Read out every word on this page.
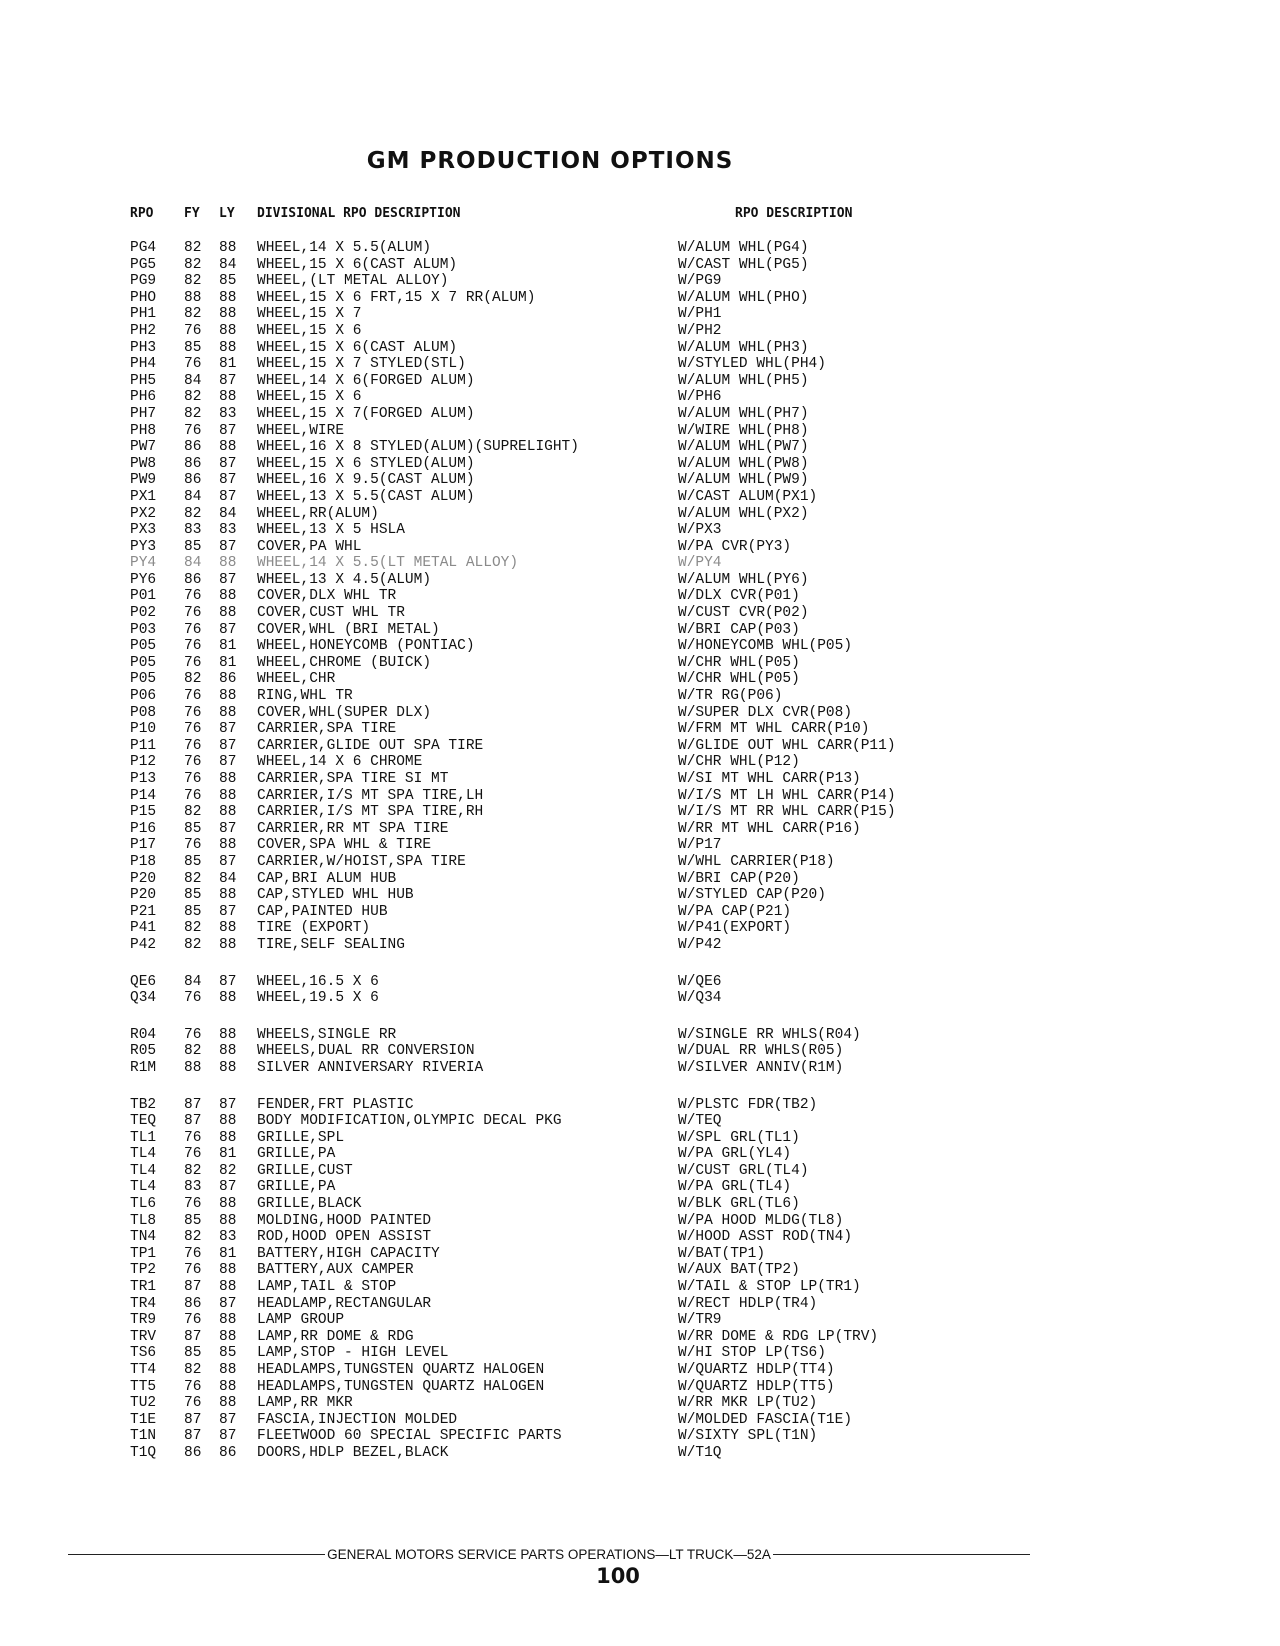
GM PRODUCTION OPTIONS
RPO FY LY DIVISIONAL RPO DESCRIPTION	RPO DESCRIPTION
PG4 82 88 WHEEL,14 X 5.5(ALUM)	W/ALUM WHL(PG4)
PG5 82 84 WHEEL,15 X 6(CAST ALUM)	W/CAST WHL(PG5)
PG9 82 85 WHEEL,(LT METAL ALLOY)	W/PG9
PHO 88 88 WHEEL,15 X 6 FRT,15 X 7 RR(ALUM)	W/ALUM WHL(PHO)
PH1 82 88 WHEEL,15 X 7	W/PH1
PH2 76 88 WHEEL,15 X 6	W/PH2
PH3 85 88 WHEEL,15 X 6(CAST ALUM)	W/ALUM WHL(PH3)
PH4 76 81 WHEEL,15 X 7 STYLED(STL)	W/STYLED WHL(PH4)
PH5 84 87 WHEEL,14 X 6(FORGED ALUM)	W/ALUM WHL(PH5)
PH6 82 88 WHEEL,15 X 6	W/PH6
PH7 82 83 WHEEL,15 X 7(FORGED ALUM)	W/ALUM WHL(PH7)
PH8 76 87 WHEEL,WIRE	W/WIRE WHL(PH8)
PW7 86 88 WHEEL,16 X 8 STYLED(ALUM)(SUPRELIGHT)	W/ALUM WHL(PW7)
PW8 86 87 WHEEL,15 X 6 STYLED(ALUM)	W/ALUM WHL(PW8)
PW9 86 87 WHEEL,16 X 9.5(CAST ALUM)	W/ALUM WHL(PW9)
PX1 84 87 WHEEL,13 X 5.5(CAST ALUM)	W/CAST ALUM(PX1)
PX2 82 84 WHEEL,RR(ALUM)	W/ALUM WHL(PX2)
PX3 83 83 WHEEL,13 X 5 HSLA	W/PX3
PY3 85 87 COVER,PA WHL	W/PA CVR(PY3)
PY4 84 88 WHEEL,14 X 5.5(LT METAL ALLOY)	W/PY4
PY6 86 87 WHEEL,13 X 4.5(ALUM)	W/ALUM WHL(PY6)
P01 76 88 COVER,DLX WHL TR	W/DLX CVR(P01)
P02 76 88 COVER,CUST WHL TR	W/CUST CVR(P02)
P03 76 87 COVER,WHL (BRI METAL)	W/BRI CAP(P03)
P05 76 81 WHEEL,HONEYCOMB (PONTIAC)	W/HONEYCOMB WHL(P05)
P05 76 81 WHEEL,CHROME (BUICK)	W/CHR WHL(P05)
P05 82 86 WHEEL,CHR	W/CHR WHL(P05)
P06 76 88 RING,WHL TR	W/TR RG(P06)
P08 76 88 COVER,WHL(SUPER DLX)	W/SUPER DLX CVR(P08)
P10 76 87 CARRIER,SPA TIRE	W/FRM MT WHL CARR(P10)
P11 76 87 CARRIER,GLIDE OUT SPA TIRE	W/GLIDE OUT WHL CARR(P11)
P12 76 87 WHEEL,14 X 6 CHROME	W/CHR WHL(P12)
P13 76 88 CARRIER,SPA TIRE SI MT	W/SI MT WHL CARR(P13)
P14 76 88 CARRIER,I/S MT SPA TIRE,LH	W/I/S MT LH WHL CARR(P14)
P15 82 88 CARRIER,I/S MT SPA TIRE,RH	W/I/S MT RR WHL CARR(P15)
P16 85 87 CARRIER,RR MT SPA TIRE	W/RR MT WHL CARR(P16)
P17 76 88 COVER,SPA WHL & TIRE	W/P17
P18 85 87 CARRIER,W/HOIST,SPA TIRE	W/WHL CARRIER(P18)
P20 82 84 CAP,BRI ALUM HUB	W/BRI CAP(P20)
P20 85 88 CAP,STYLED WHL HUB	W/STYLED CAP(P20)
P21 85 87 CAP,PAINTED HUB	W/PA CAP(P21)
P41 82 88 TIRE (EXPORT)	W/P41(EXPORT)
P42 82 88 TIRE,SELF SEALING	W/P42
QE6 84 87 WHEEL,16.5 X 6	W/QE6
Q34 76 88 WHEEL,19.5 X 6	W/Q34
R04 76 88 WHEELS,SINGLE RR	W/SINGLE RR WHLS(R04)
R05 82 88 WHEELS,DUAL RR CONVERSION	W/DUAL RR WHLS(R05)
R1M 88 88 SILVER ANNIVERSARY RIVERIA	W/SILVER ANNIV(R1M)
TB2 87 87 FENDER,FRT PLASTIC	W/PLSTC FDR(TB2)
TEQ 87 88 BODY MODIFICATION,OLYMPIC DECAL PKG	W/TEQ
TL1 76 88 GRILLE,SPL	W/SPL GRL(TL1)
TL4 76 81 GRILLE,PA	W/PA GRL(YL4)
TL4 82 82 GRILLE,CUST	W/CUST GRL(TL4)
TL4 83 87 GRILLE,PA	W/PA GRL(TL4)
TL6 76 88 GRILLE,BLACK	W/BLK GRL(TL6)
TL8 85 88 MOLDING,HOOD PAINTED	W/PA HOOD MLDG(TL8)
TN4 82 83 ROD,HOOD OPEN ASSIST	W/HOOD ASST ROD(TN4)
TP1 76 81 BATTERY,HIGH CAPACITY	W/BAT(TP1)
TP2 76 88 BATTERY,AUX CAMPER	W/AUX BAT(TP2)
TR1 87 88 LAMP,TAIL & STOP	W/TAIL & STOP LP(TR1)
TR4 86 87 HEADLAMP,RECTANGULAR	W/RECT HDLP(TR4)
TR9 76 88 LAMP GROUP	W/TR9
TRV 87 88 LAMP,RR DOME & RDG	W/RR DOME & RDG LP(TRV)
TS6 85 85 LAMP,STOP - HIGH LEVEL	W/HI STOP LP(TS6)
TT4 82 88 HEADLAMPS,TUNGSTEN QUARTZ HALOGEN	W/QUARTZ HDLP(TT4)
TT5 76 88 HEADLAMPS,TUNGSTEN QUARTZ HALOGEN	W/QUARTZ HDLP(TT5)
TU2 76 88 LAMP,RR MKR	W/RR MKR LP(TU2)
T1E 87 87 FASCIA,INJECTION MOLDED	W/MOLDED FASCIA(T1E)
T1N 87 87 FLEETWOOD 60 SPECIAL SPECIFIC PARTS	W/SIXTY SPL(T1N)
T1Q 86 86 DOORS,HDLP BEZEL,BLACK	W/T1Q
GENERAL MOTORS SERVICE PARTS OPERATIONS—LT TRUCK—52A
100
